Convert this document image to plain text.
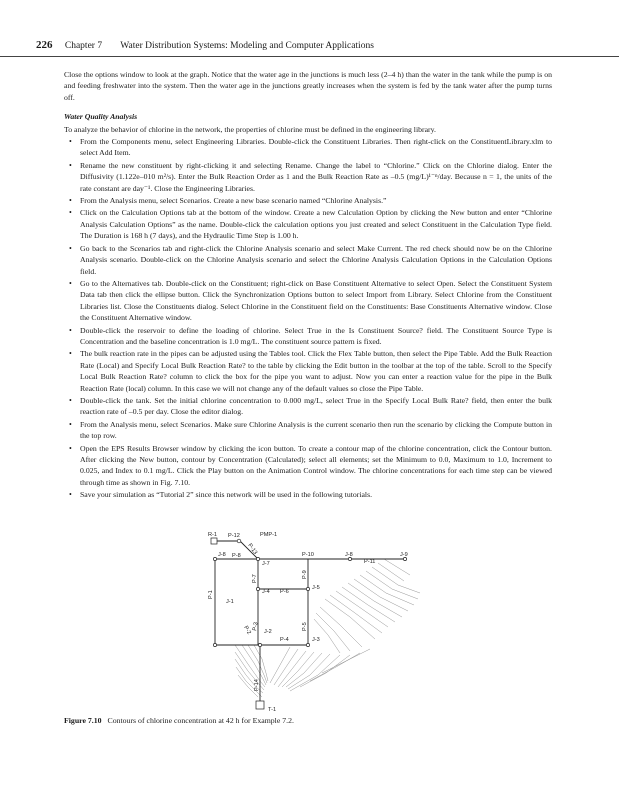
226 Chapter 7 Water Distribution Systems: Modeling and Computer Applications

Close the options window to look at the graph. Notice that the water age in the junctions is much less (2–4 h) than the water in the tank while the pump is on and feeding freshwater into the system. Then the water age in the junctions greatly increases when the system is fed by the tank water after the pump turns off.

Water Quality Analysis

To analyze the behavior of chlorine in the network, the properties of chlorine must be defined in the engineering library.

• From the Components menu, select Engineering Libraries. Double-click the Constituent Libraries. Then right-click on the ConstituentLibrary.xlm to select Add Item.
• Rename the new constituent by right-clicking it and selecting Rename. Change the label to “Chlorine.” Click on the Chlorine dialog. Enter the Diffusivity (1.122e–010 m²/s). Enter the Bulk Reaction Order as 1 and the Bulk Reaction Rate as –0.5 (mg/L)¹⁻ⁿ/day. Because n = 1, the units of the rate constant are day⁻¹. Close the Engineering Libraries.
• From the Analysis menu, select Scenarios. Create a new base scenario named “Chlorine Analysis.”
• Click on the Calculation Options tab at the bottom of the window. Create a new Calculation Option by clicking the New button and enter “Chlorine Analysis Calculation Options” as the name. Double-click the calculation options you just created and select Constituent in the Calculation Type field. The Duration is 168 h (7 days), and the Hydraulic Time Step is 1.00 h.
• Go back to the Scenarios tab and right-click the Chlorine Analysis scenario and select Make Current. The red check should now be on the Chlorine Analysis scenario. Double-click on the Chlorine Analysis scenario and select the Chlorine Analysis Calculation Options in the Calculation Options field.
• Go to the Alternatives tab. Double-click on the Constituent; right-click on Base Constituent Alternative to select Open. Select the Constituent System Data tab then click the ellipse button. Click the Synchronization Options button to select Import from Library. Select Chlorine from the Constituent Libraries list. Close the Constituents dialog. Select Chlorine in the Constituent field on the Constituents: Base Constituents Alternative window. Close the Constituent Alternative window.
• Double-click the reservoir to define the loading of chlorine. Select True in the Is Constituent Source? field. The Constituent Source Type is Concentration and the baseline concentration is 1.0 mg/L. The constituent source pattern is fixed.
• The bulk reaction rate in the pipes can be adjusted using the Tables tool. Click the Flex Table button, then select the Pipe Table. Add the Bulk Reaction Rate (Local) and Specify Local Bulk Reaction Rate? to the table by clicking the Edit button in the toolbar at the top of the table. Scroll to the Specify Local Bulk Reaction Rate? column to click the box for the pipe you want to adjust. Now you can enter a reaction value for the pipe in the Bulk Reaction Rate (local) column. In this case we will not change any of the default values so close the Pipe Table.
• Double-click the tank. Set the initial chlorine concentration to 0.000 mg/L, select True in the Specify Local Bulk Rate? field, then enter the bulk reaction rate of –0.5 per day. Close the editor dialog.
• From the Analysis menu, select Scenarios. Make sure Chlorine Analysis is the current scenario then run the scenario by clicking the Compute button in the top row.
• Open the EPS Results Browser window by clicking the icon button. To create a contour map of the chlorine concentration, click the Contour button. After clicking the New button, contour by Concentration (Calculated); select all elements; set the Minimum to 0.0, Maximum to 1.0, Increment to 0.025, and Index to 0.1 mg/L. Click the Play button on the Animation Control window. The chlorine concentrations for each time step can be viewed through time as shown in Fig. 7.10.
• Save your simulation as “Tutorial 2” since this network will be used in the following tutorials.
R-1 P-12	PMP-1
P-10
J-8	J-8	J-9
P-8
P-11
P-13
J-7
P-1
P-7	P-9
J-4 P-6
J-5
J-1
P-2 P-3	P-5
J-2
P-4	J-3
P-14
T-1
Figure 7.10 Contours of chlorine concentration at 42 h for Example 7.2.
